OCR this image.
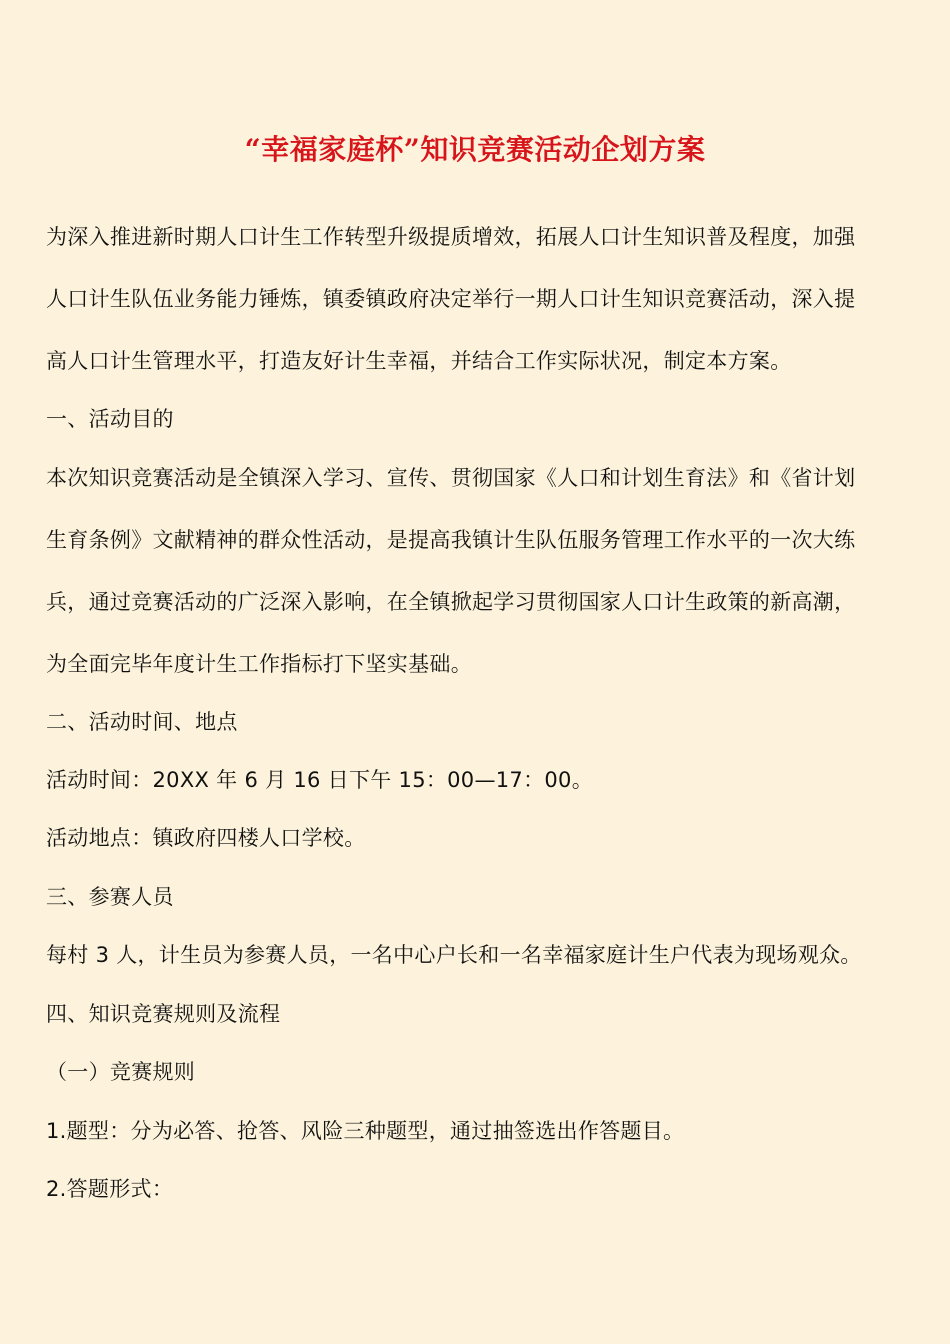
“幸福家庭杯”知识竞赛活动企划方案
为深入推进新时期人口计生工作转型升级提质增效，拓展人口计生知识普及程度，加强
人口计生队伍业务能力锤炼，镇委镇政府决定举行一期人口计生知识竞赛活动，深入提
高人口计生管理水平，打造友好计生幸福，并结合工作实际状况，制定本方案。
一、活动目的
本次知识竞赛活动是全镇深入学习、宣传、贯彻国家《人口和计划生育法》和《省计划
生育条例》文献精神的群众性活动，是提高我镇计生队伍服务管理工作水平的一次大练
兵，通过竞赛活动的广泛深入影响，在全镇掀起学习贯彻国家人口计生政策的新高潮，
为全面完毕年度计生工作指标打下坚实基础。
二、活动时间、地点
活动时间：20XX 年 6 月 16 日下午 15：00—17：00。
活动地点：镇政府四楼人口学校。
三、参赛人员
每村 3 人，计生员为参赛人员，一名中心户长和一名幸福家庭计生户代表为现场观众。
四、知识竞赛规则及流程
（一）竞赛规则
1.题型：分为必答、抢答、风险三种题型，通过抽签选出作答题目。
2.答题形式：
